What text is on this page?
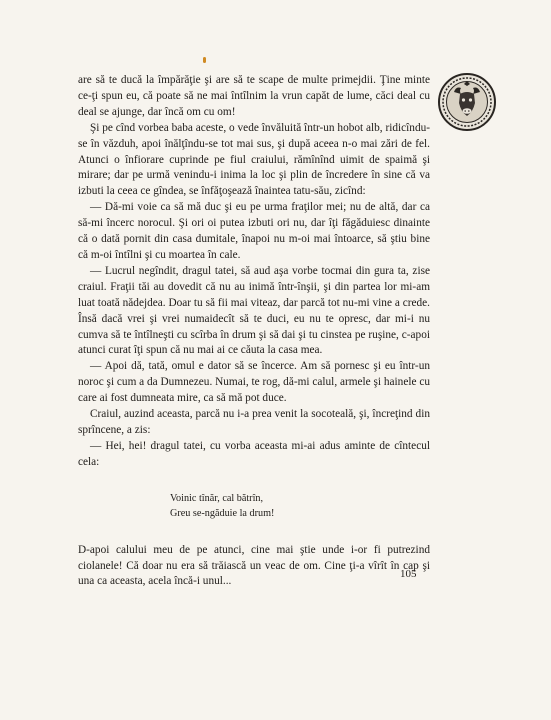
are să te ducă la împărăţie şi are să te scape de multe primejdii. Ţine minte ce-ţi spun eu, că poate să ne mai întîlnim la vrun capăt de lume, căci deal cu deal se ajunge, dar încă om cu om!

Şi pe cînd vorbea baba aceste, o vede învăluită într-un hobot alb, ridicîndu-se în văzduh, apoi înălţîndu-se tot mai sus, şi după aceea n-o mai zări de fel. Atunci o înfiorare cuprinde pe fiul craiului, rămînînd uimit de spaimă şi mirare; dar pe urmă venindu-i inima la loc şi plin de încredere în sine că va izbuti la ceea ce gîndea, se înfăţoşează înaintea tatu-său, zicînd:

— Dă-mi voie ca să mă duc şi eu pe urma fraţilor mei; nu de altă, dar ca să-mi încerc norocul. Şi ori oi putea izbuti ori nu, dar îţi făgăduiesc dinainte că o dată pornit din casa dumitale, înapoi nu m-oi mai întoarce, să ştiu bine că m-oi întîlni şi cu moartea în cale.

— Lucrul negîndit, dragul tatei, să aud aşa vorbe tocmai din gura ta, zise craiul. Fraţii tăi au dovedit că nu au inimă într-înşii, şi din partea lor mi-am luat toată nădejdea. Doar tu să fii mai viteaz, dar parcă tot nu-mi vine a crede. Însă dacă vrei şi vrei numaidecît să te duci, eu nu te opresc, dar mi-i nu cumva să te întîlneşti cu scîrba în drum şi să dai şi tu cinstea pe ruşine, c-apoi atunci curat îţi spun că nu mai ai ce căuta la casa mea.

— Apoi dă, tată, omul e dator să se încerce. Am să pornesc şi eu într-un noroc şi cum a da Dumnezeu. Numai, te rog, dă-mi calul, armele şi hainele cu care ai fost dumneata mire, ca să mă pot duce.

Craiul, auzind aceasta, parcă nu i-a prea venit la socoteală, şi, încreţind din sprîncene, a zis:

— Hei, hei! dragul tatei, cu vorba aceasta mi-ai adus aminte de cîntecul cela:

Voinic tînăr, cal bătrîn,
Greu se-ngăduie la drum!

D-apoi calului meu de pe atunci, cine mai ştie unde i-or fi putrezind ciolanele! Că doar nu era să trăiască un veac de om. Cine ţi-a vîrît în cap şi una ca aceasta, acela încă-i unul...

105
